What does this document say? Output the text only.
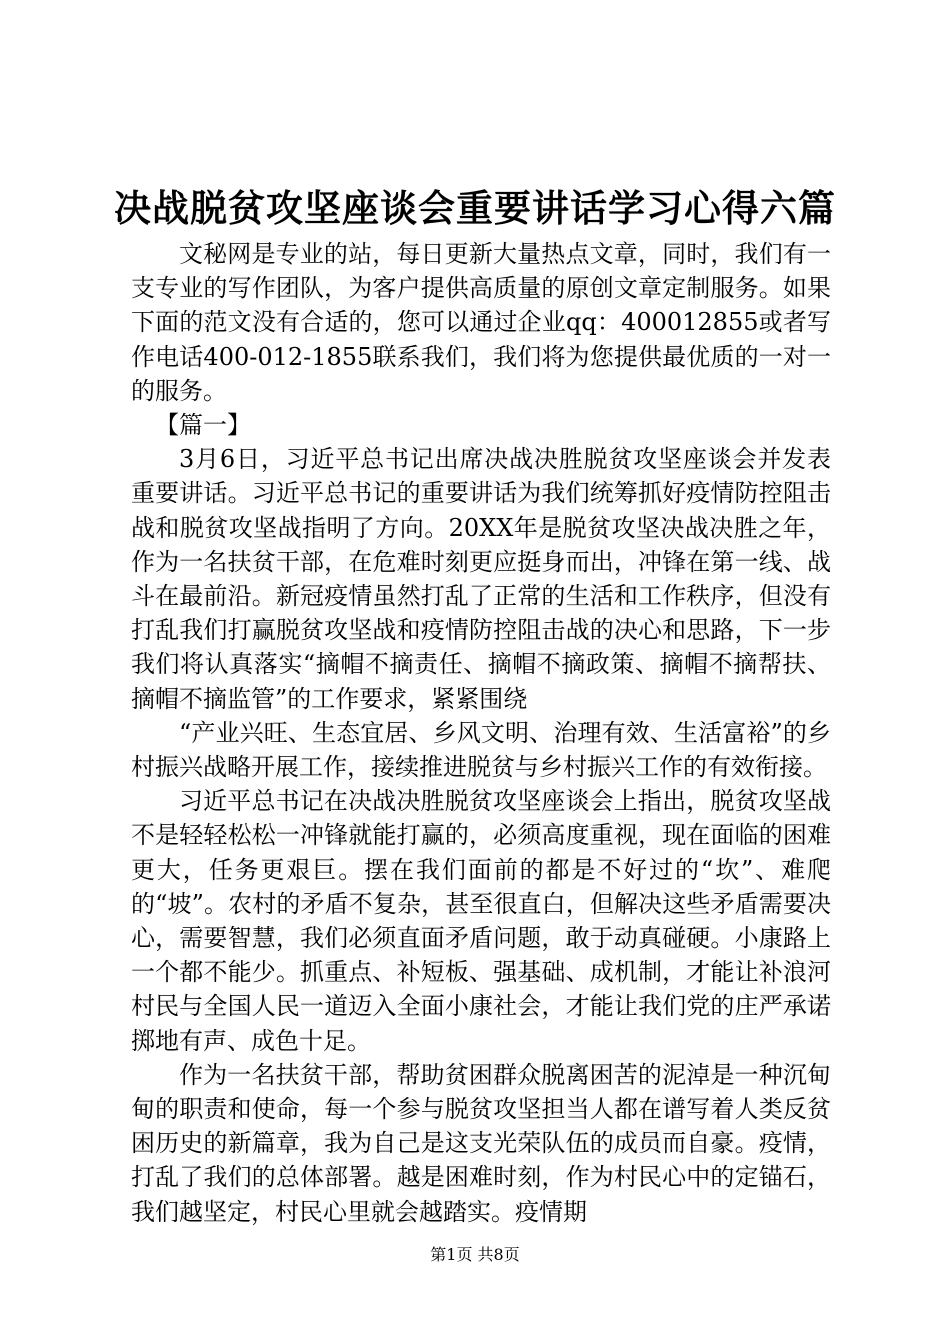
决战脱贫攻坚座谈会重要讲话学习心得六篇

文秘网是专业的站，每日更新大量热点文章，同时，我们有一支专业的写作团队，为客户提供高质量的原创文章定制服务。如果下面的范文没有合适的，您可以通过企业qq：400012855或者写作电话400-012-1855联系我们，我们将为您提供最优质的一对一的服务。

【篇一】

3月6日，习近平总书记出席决战决胜脱贫攻坚座谈会并发表重要讲话。习近平总书记的重要讲话为我们统筹抓好疫情防控阻击战和脱贫攻坚战指明了方向。20XX年是脱贫攻坚决战决胜之年，作为一名扶贫干部，在危难时刻更应挺身而出，冲锋在第一线、战斗在最前沿。新冠疫情虽然打乱了正常的生活和工作秩序，但没有打乱我们打赢脱贫攻坚战和疫情防控阻击战的决心和思路，下一步我们将认真落实“摘帽不摘责任、摘帽不摘政策、摘帽不摘帮扶、摘帽不摘监管”的工作要求，紧紧围绕

“产业兴旺、生态宜居、乡风文明、治理有效、生活富裕”的乡村振兴战略开展工作，接续推进脱贫与乡村振兴工作的有效衔接。

习近平总书记在决战决胜脱贫攻坚座谈会上指出，脱贫攻坚战不是轻轻松松一冲锋就能打赢的，必须高度重视，现在面临的困难更大，任务更艰巨。摆在我们面前的都是不好过的“坎”、难爬的“坡”。农村的矛盾不复杂，甚至很直白，但解决这些矛盾需要决心，需要智慧，我们必须直面矛盾问题，敢于动真碰硬。小康路上一个都不能少。抓重点、补短板、强基础、成机制，才能让补浪河村民与全国人民一道迈入全面小康社会，才能让我们党的庄严承诺掷地有声、成色十足。

作为一名扶贫干部，帮助贫困群众脱离困苦的泥淖是一种沉甸甸的职责和使命，每一个参与脱贫攻坚担当人都在谱写着人类反贫困历史的新篇章，我为自己是这支光荣队伍的成员而自豪。疫情，打乱了我们的总体部署。越是困难时刻，作为村民心中的定锚石，我们越坚定，村民心里就会越踏实。疫情期

第1页 共8页
